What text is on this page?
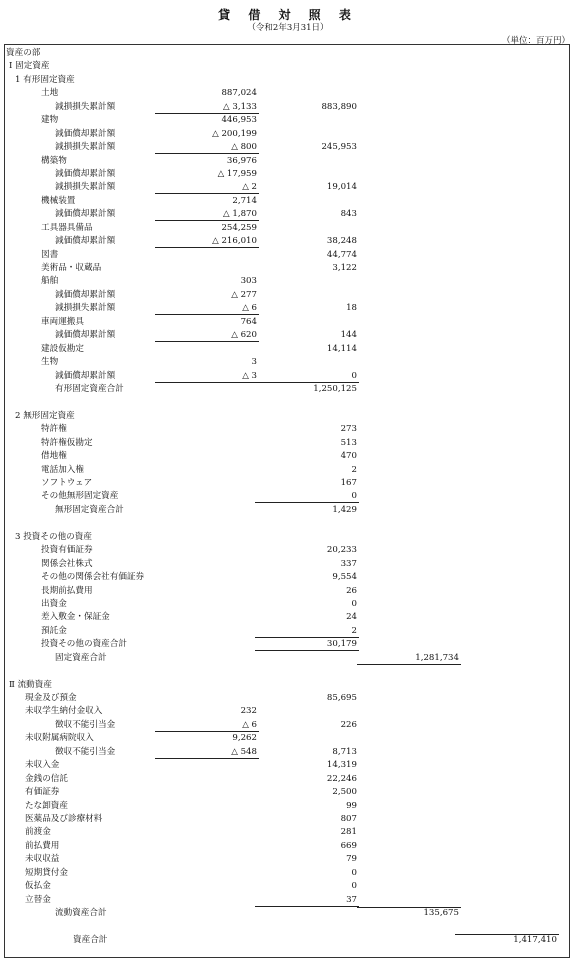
貸 借 対 照 表
（令和2年3月31日）
（単位：百万円）
資産の部
Ⅰ 固定資産
1 有形固定資産
土地	887,024
減損損失累計額	△ 3,133	883,890
建物	446,953
減価償却累計額	△ 200,199
減損損失累計額	△ 800	245,953
構築物	36,976
減価償却累計額	△ 17,959
減損損失累計額	△ 2	19,014
機械装置	2,714
減価償却累計額	△ 1,870	843
工具器具備品	254,259
減価償却累計額	△ 216,010	38,248
図書	44,774
美術品・収蔵品	3,122
船舶	303
減価償却累計額	△ 277
減損損失累計額	△ 6	18
車両運搬具	764
減価償却累計額	△ 620	144
建設仮勘定	14,114
生物	3
減価償却累計額	△ 3	0
有形固定資産合計	1,250,125
2 無形固定資産
特許権	273
特許権仮勘定	513
借地権	470
電話加入権	2
ソフトウェア	167
その他無形固定資産	0
無形固定資産合計	1,429
3 投資その他の資産
投資有価証券	20,233
関係会社株式	337
その他の関係会社有価証券	9,554
長期前払費用	26
出資金	0
差入敷金・保証金	24
預託金	2
投資その他の資産合計	30,179
固定資産合計	1,281,734
Ⅱ 流動資産
現金及び預金	85,695
未収学生納付金収入	232
徴収不能引当金	△ 6	226
未収附属病院収入	9,262
徴収不能引当金	△ 548	8,713
未収入金	14,319
金銭の信託	22,246
有価証券	2,500
たな卸資産	99
医薬品及び診療材料	807
前渡金	281
前払費用	669
未収収益	79
短期貸付金	0
仮払金	0
立替金	37
流動資産合計	135,675
資産合計	1,417,410
